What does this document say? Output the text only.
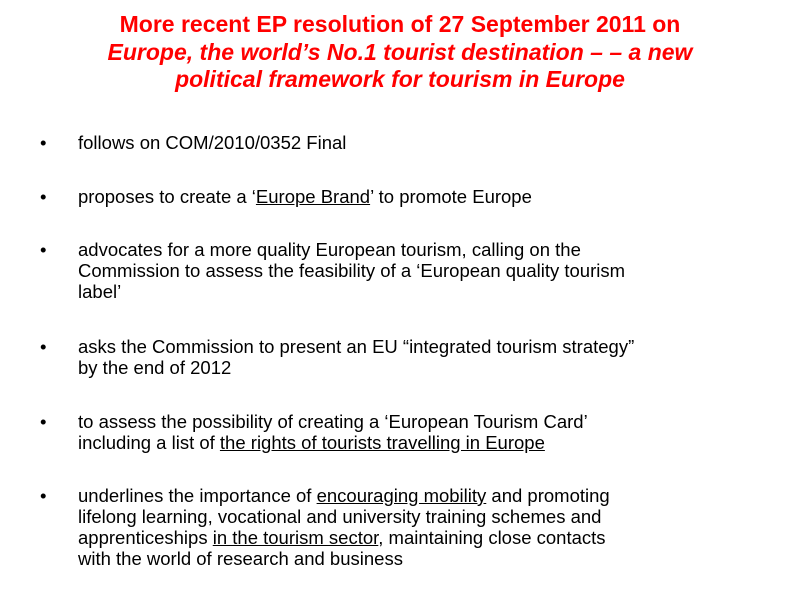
More recent EP resolution of 27 September 2011 on
Europe, the world’s No.1 tourist destination – – a new
political framework for tourism in Europe
• follows on COM/2010/0352 Final
• proposes to create a ‘Europe Brand’ to promote Europe
• advocates for a more quality European tourism, calling on the
Commission to assess the feasibility of a ‘European quality tourism
label’
• asks the Commission to present an EU “integrated tourism strategy”
by the end of 2012
• to assess the possibility of creating a ‘European Tourism Card’
including a list of the rights of tourists travelling in Europe
• underlines the importance of encouraging mobility and promoting
lifelong learning, vocational and university training schemes and
apprenticeships in the tourism sector, maintaining close contacts
with the world of research and business
